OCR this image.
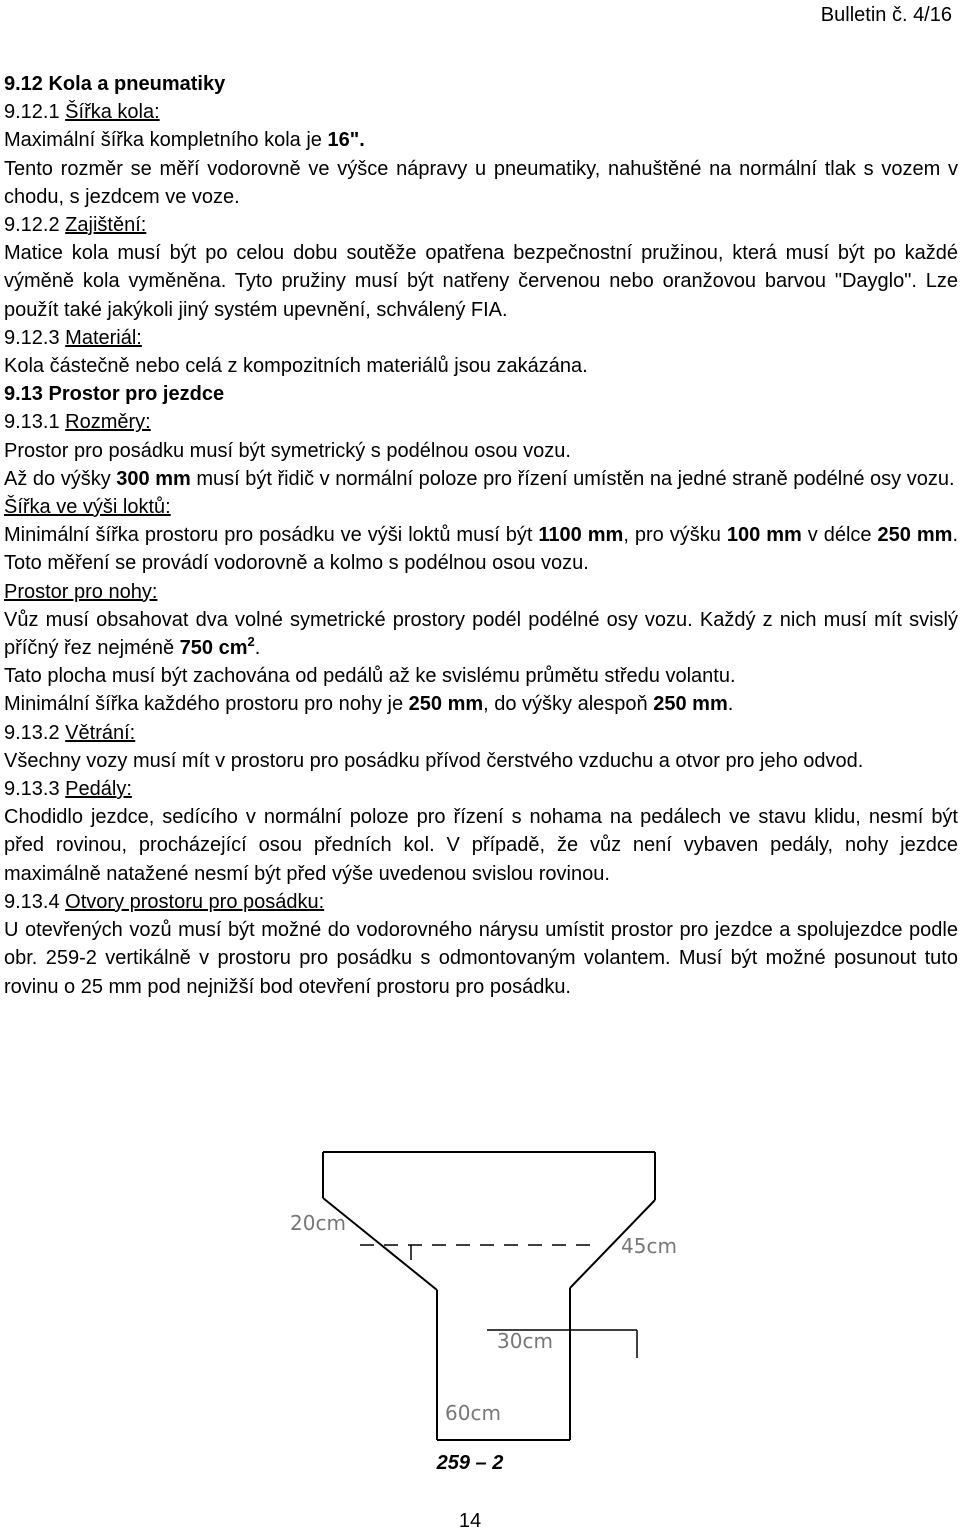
Bulletin č. 4/16

9.12 Kola a pneumatiky

9.12.1 Šířka kola:

Maximální šířka kompletního kola je 16".

Tento rozměr se měří vodorovně ve výšce nápravy u pneumatiky, nahuštěné na normální tlak s vozem v chodu, s jezdcem ve voze.

9.12.2 Zajištění:

Matice kola musí být po celou dobu soutěže opatřena bezpečnostní pružinou, která musí být po každé výměně kola vyměněna. Tyto pružiny musí být natřeny červenou nebo oranžovou barvou "Dayglo". Lze použít také jakýkoli jiný systém upevnění, schválený FIA.

9.12.3 Materiál:

Kola částečně nebo celá z kompozitních materiálů jsou zakázána.

9.13 Prostor pro jezdce

9.13.1 Rozměry:

Prostor pro posádku musí být symetrický s podélnou osou vozu.

Až do výšky 300 mm musí být řidič v normální poloze pro řízení umístěn na jedné straně podélné osy vozu.

Šířka ve výši loktů:

Minimální šířka prostoru pro posádku ve výši loktů musí být 1100 mm, pro výšku 100 mm v délce 250 mm. Toto měření se provádí vodorovně a kolmo s podélnou osou vozu.

Prostor pro nohy:

Vůz musí obsahovat dva volné symetrické prostory podél podélné osy vozu. Každý z nich musí mít svislý příčný řez nejméně 750 $cm^2$.

Tato plocha musí být zachována od pedálů až ke svislému průmětu středu volantu.

Minimální šířka každého prostoru pro nohy je 250 mm, do výšky alespoň 250 mm.

9.13.2 Větrání:

Všechny vozy musí mít v prostoru pro posádku přívod čerstvého vzduchu a otvor pro jeho odvod.

9.13.3 Pedály:

Chodidlo jezdce, sedícího v normální poloze pro řízení s nohama na pedálech ve stavu klidu, nesmí být před rovinou, procházející osou předních kol. V případě, že vůz není vybaven pedály, nohy jezdce maximálně natažené nesmí být před výše uvedenou svislou rovinou.

9.13.4 Otvory prostoru pro posádku:

U otevřených vozů musí být možné do vodorovného nárysu umístit prostor pro jezdce a spolujezdce podle obr. 259-2 vertikálně v prostoru pro posádku s odmontovaným volantem. Musí být možné posunout tuto rovinu o 25 mm pod nejnižší bod otevření prostoru pro posádku.

20cm
45cm
30cm
60cm
259 – 2
14
